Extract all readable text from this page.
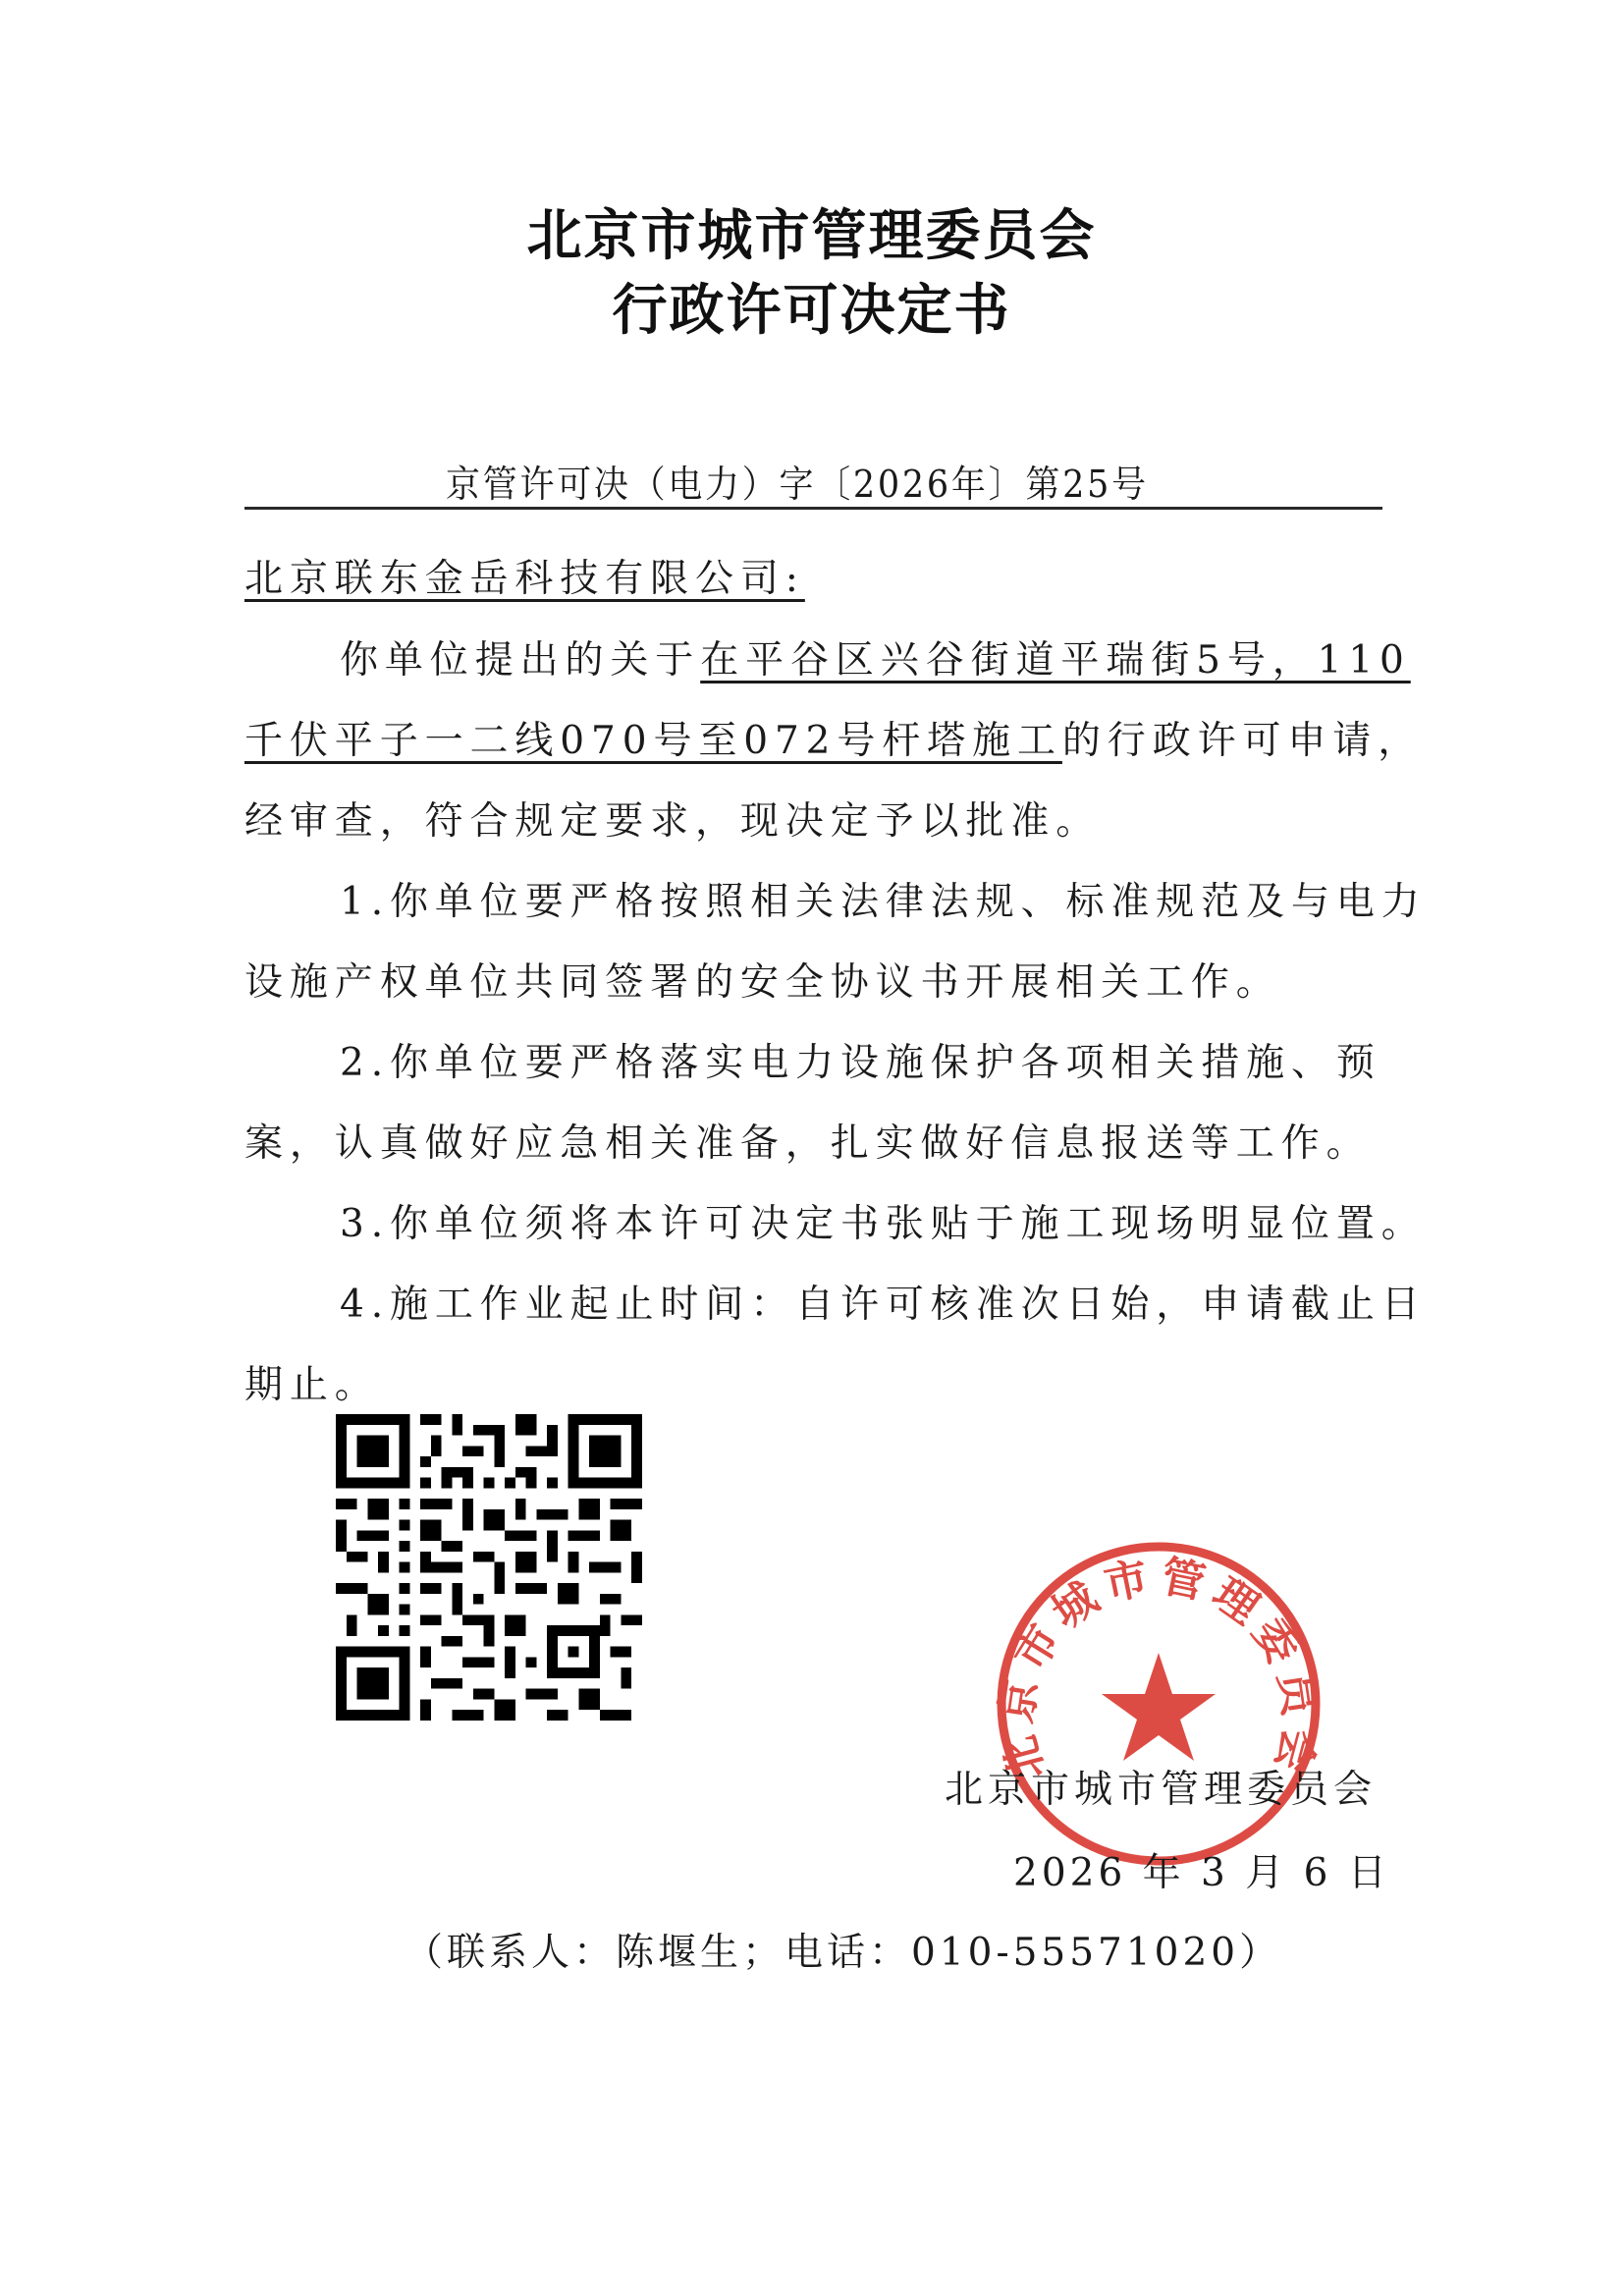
北京市城市管理委员会
行政许可决定书
京管许可决（电力）字〔2026年〕第25号
北京联东金岳科技有限公司:
你单位提出的关于在平谷区兴谷街道平瑞街5号，110
千伏平子一二线070号至072号杆塔施工的行政许可申请，
经审查，符合规定要求，现决定予以批准。
1.你单位要严格按照相关法律法规、标准规范及与电力
设施产权单位共同签署的安全协议书开展相关工作。
2.你单位要严格落实电力设施保护各项相关措施、预
案，认真做好应急相关准备，扎实做好信息报送等工作。
3.你单位须将本许可决定书张贴于施工现场明显位置。
4.施工作业起止时间：自许可核准次日始，申请截止日
期止。
北京市城市管理委员会
北京市城市管理委员会
2026 年 3 月 6 日
（联系人：陈堰生；电话：010-55571020）
